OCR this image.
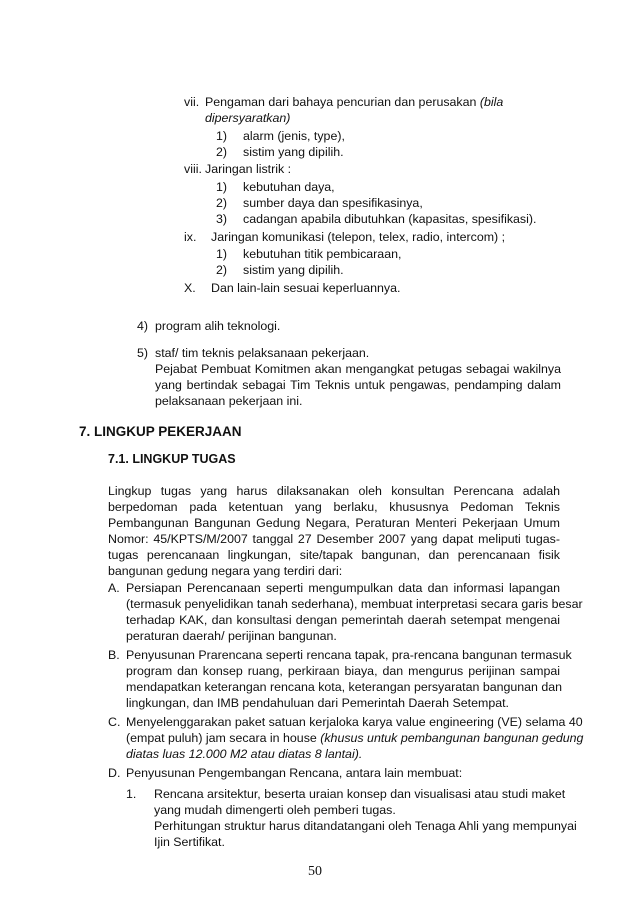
vii. Pengaman dari bahaya pencurian dan perusakan (bila
dipersyaratkan)
1) alarm (jenis, type),
2) sistim yang dipilih.
viii. Jaringan listrik :
1) kebutuhan daya,
2) sumber daya dan spesifikasinya,
3) cadangan apabila dibutuhkan (kapasitas, spesifikasi).
ix. Jaringan komunikasi (telepon, telex, radio, intercom) ;
1) kebutuhan titik pembicaraan,
2) sistim yang dipilih.
X. Dan lain-lain sesuai keperluannya.
4) program alih teknologi.
5) staf/ tim teknis pelaksanaan pekerjaan.
Pejabat Pembuat Komitmen akan mengangkat petugas sebagai wakilnya
yang bertindak sebagai Tim Teknis untuk pengawas, pendamping dalam
pelaksanaan pekerjaan ini.
7. LINGKUP PEKERJAAN
7.1. LINGKUP TUGAS
Lingkup tugas yang harus dilaksanakan oleh konsultan Perencana adalah
berpedoman pada ketentuan yang berlaku, khususnya Pedoman Teknis
Pembangunan Bangunan Gedung Negara, Peraturan Menteri Pekerjaan Umum
Nomor: 45/KPTS/M/2007 tanggal 27 Desember 2007 yang dapat meliputi tugas-
tugas perencanaan lingkungan, site/tapak bangunan, dan perencanaan fisik
bangunan gedung negara yang terdiri dari:
A. Persiapan Perencanaan seperti mengumpulkan data dan informasi lapangan
(termasuk penyelidikan tanah sederhana), membuat interpretasi secara garis besar
terhadap KAK, dan konsultasi dengan pemerintah daerah setempat mengenai
peraturan daerah/ perijinan bangunan.
B. Penyusunan Prarencana seperti rencana tapak, pra-rencana bangunan termasuk
program dan konsep ruang, perkiraan biaya, dan mengurus perijinan sampai
mendapatkan keterangan rencana kota, keterangan persyaratan bangunan dan
lingkungan, dan IMB pendahuluan dari Pemerintah Daerah Setempat.
C. Menyelenggarakan paket satuan kerjaloka karya value engineering (VE) selama 40
(empat puluh) jam secara in house (khusus untuk pembangunan bangunan gedung
diatas luas 12.000 M2 atau diatas 8 lantai).
D. Penyusunan Pengembangan Rencana, antara lain membuat:
1. Rencana arsitektur, beserta uraian konsep dan visualisasi atau studi maket
yang mudah dimengerti oleh pemberi tugas.
Perhitungan struktur harus ditandatangani oleh Tenaga Ahli yang mempunyai
Ijin Sertifikat.
50
